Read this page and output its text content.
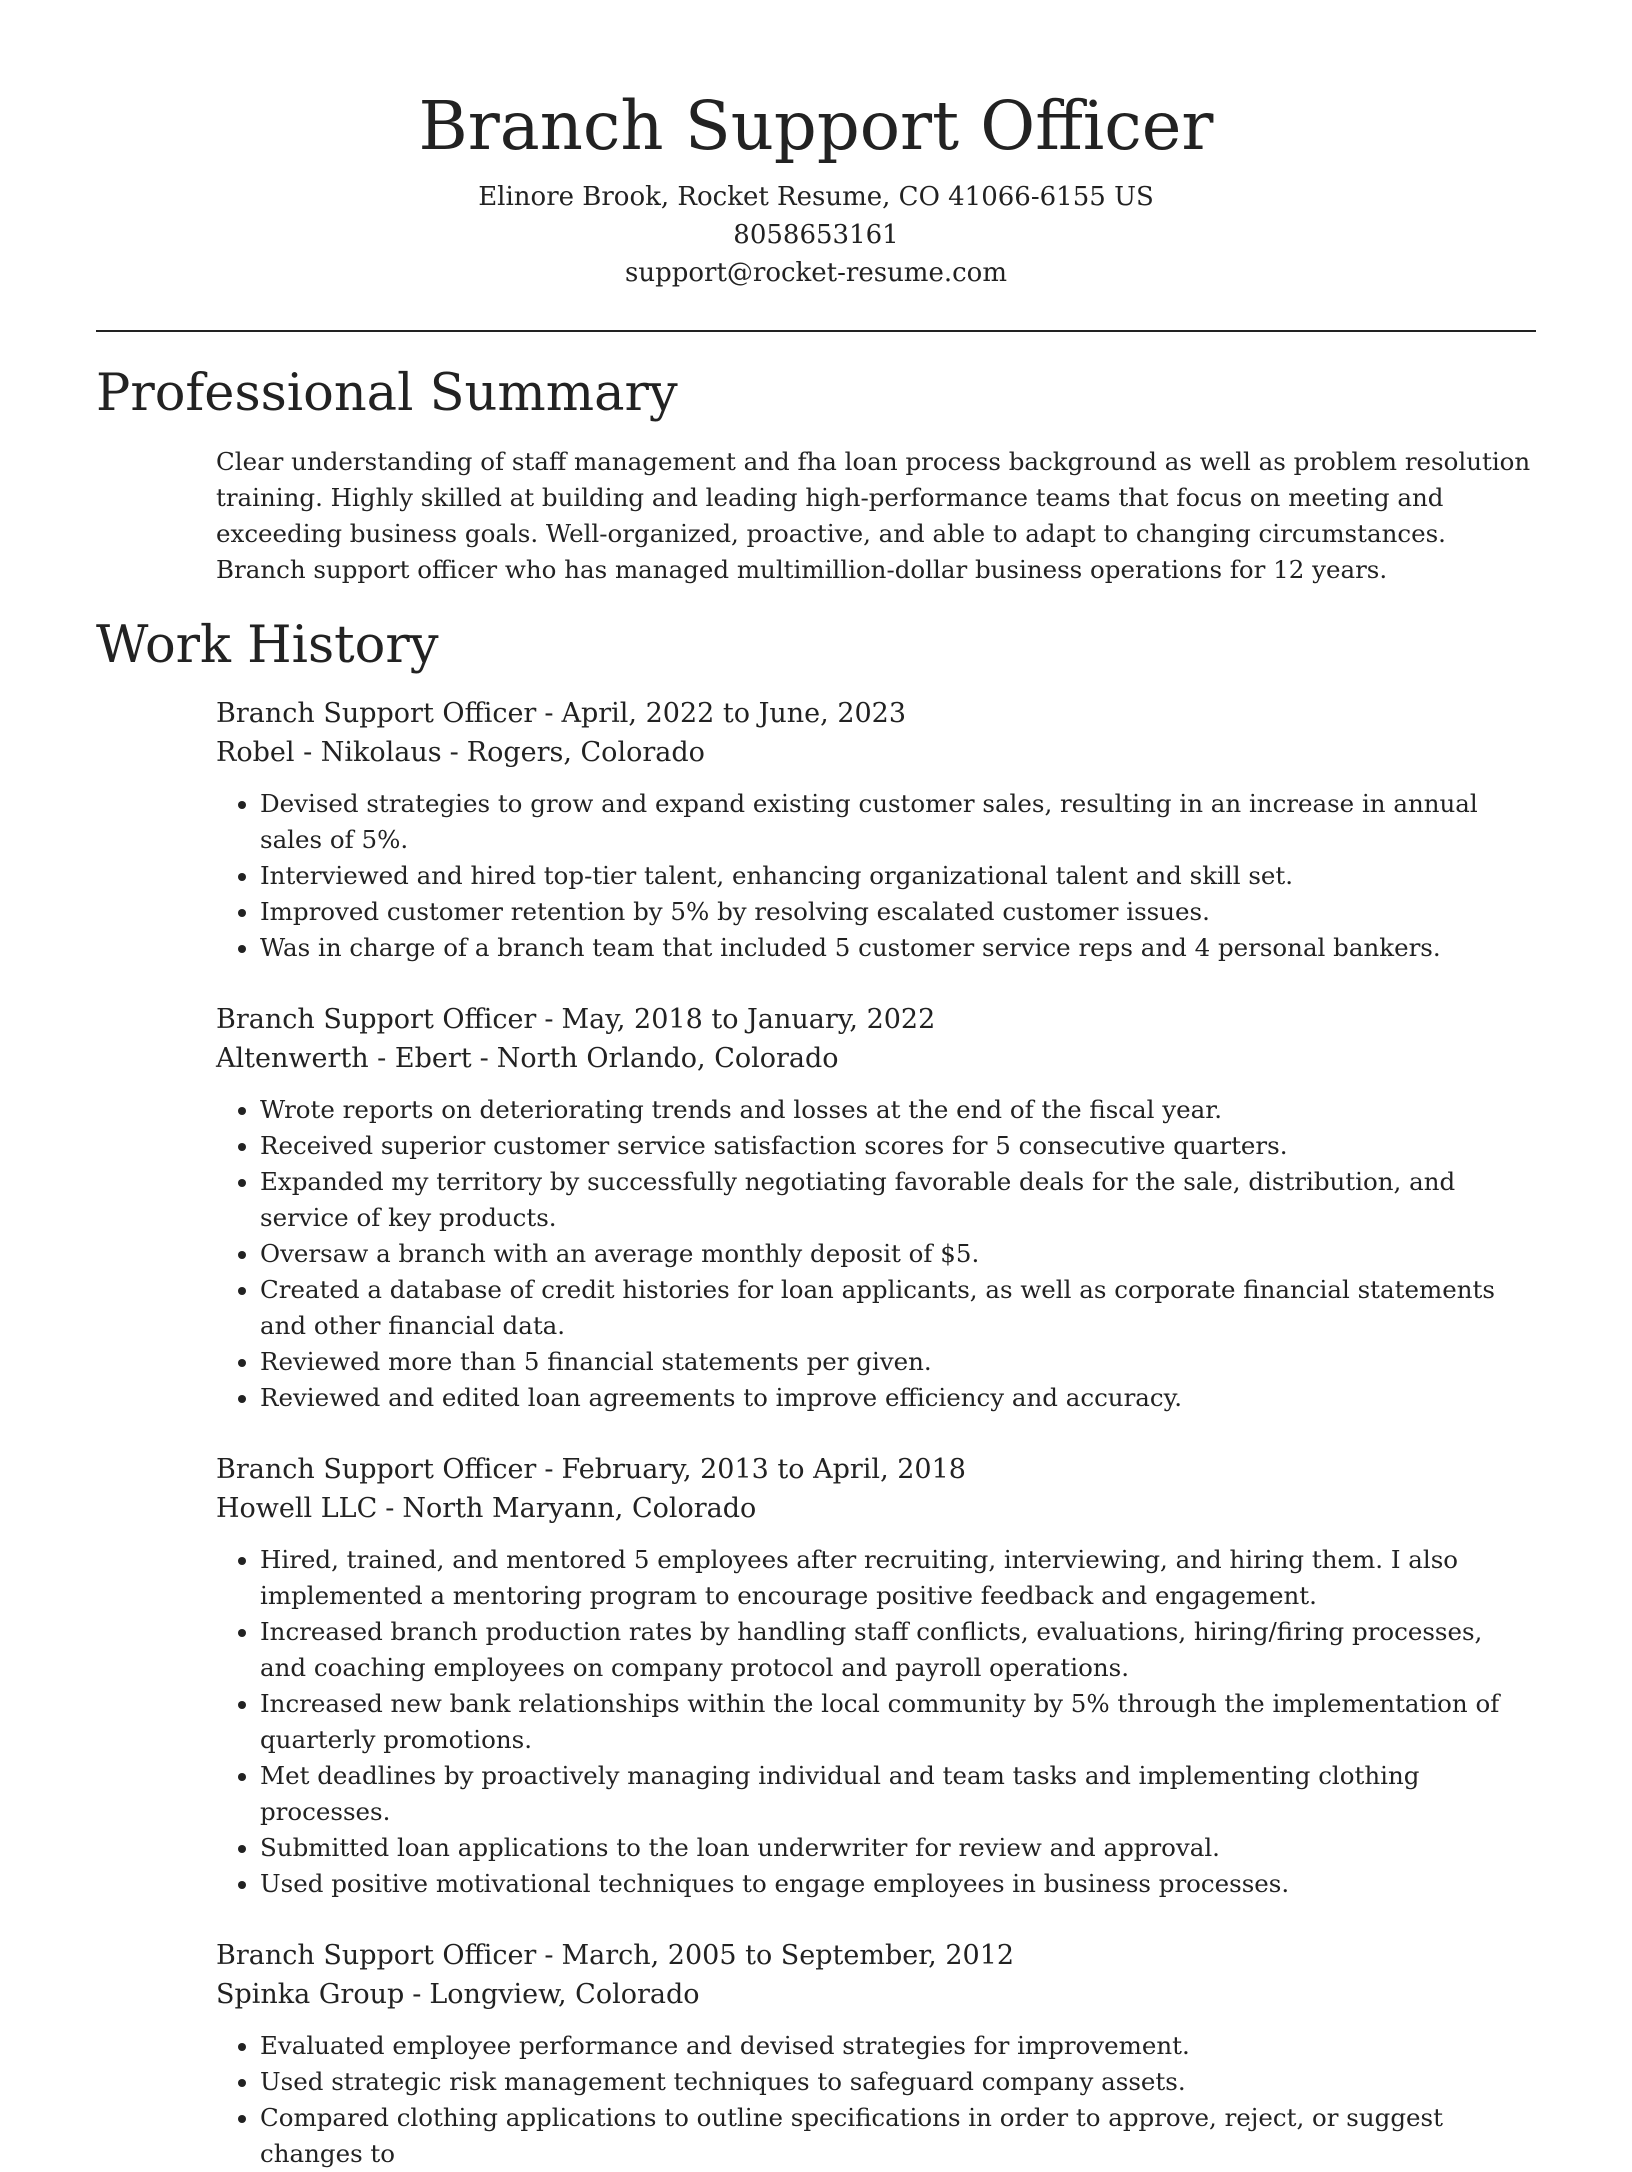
Branch Support Officer

Elinore Brook, Rocket Resume, CO 41066-6155 US

8058653161

support@rocket-resume.com

Professional Summary

Clear understanding of staff management and fha loan process background as well as problem resolution training. Highly skilled at building and leading high-performance teams that focus on meeting and exceeding business goals. Well-organized, proactive, and able to adapt to changing circumstances. Branch support officer who has managed multimillion-dollar business operations for 12 years.

Work History

Branch Support Officer - April, 2022 to June, 2023

Robel - Nikolaus - Rogers, Colorado

• Devised strategies to grow and expand existing customer sales, resulting in an increase in annual sales of 5%.
• Interviewed and hired top-tier talent, enhancing organizational talent and skill set.
• Improved customer retention by 5% by resolving escalated customer issues.
• Was in charge of a branch team that included 5 customer service reps and 4 personal bankers.

Branch Support Officer - May, 2018 to January, 2022

Altenwerth - Ebert - North Orlando, Colorado

• Wrote reports on deteriorating trends and losses at the end of the fiscal year.
• Received superior customer service satisfaction scores for 5 consecutive quarters.
• Expanded my territory by successfully negotiating favorable deals for the sale, distribution, and service of key products.
• Oversaw a branch with an average monthly deposit of $5.
• Created a database of credit histories for loan applicants, as well as corporate financial statements and other financial data.
• Reviewed more than 5 financial statements per given.
• Reviewed and edited loan agreements to improve efficiency and accuracy.

Branch Support Officer - February, 2013 to April, 2018

Howell LLC - North Maryann, Colorado

• Hired, trained, and mentored 5 employees after recruiting, interviewing, and hiring them. I also implemented a mentoring program to encourage positive feedback and engagement.
• Increased branch production rates by handling staff conflicts, evaluations, hiring/firing processes, and coaching employees on company protocol and payroll operations.
• Increased new bank relationships within the local community by 5% through the implementation of quarterly promotions.
• Met deadlines by proactively managing individual and team tasks and implementing clothing processes.
• Submitted loan applications to the loan underwriter for review and approval.
• Used positive motivational techniques to engage employees in business processes.

Branch Support Officer - March, 2005 to September, 2012

Spinka Group - Longview, Colorado

• Evaluated employee performance and devised strategies for improvement.
• Used strategic risk management techniques to safeguard company assets.
• Compared clothing applications to outline specifications in order to approve, reject, or suggest changes to
